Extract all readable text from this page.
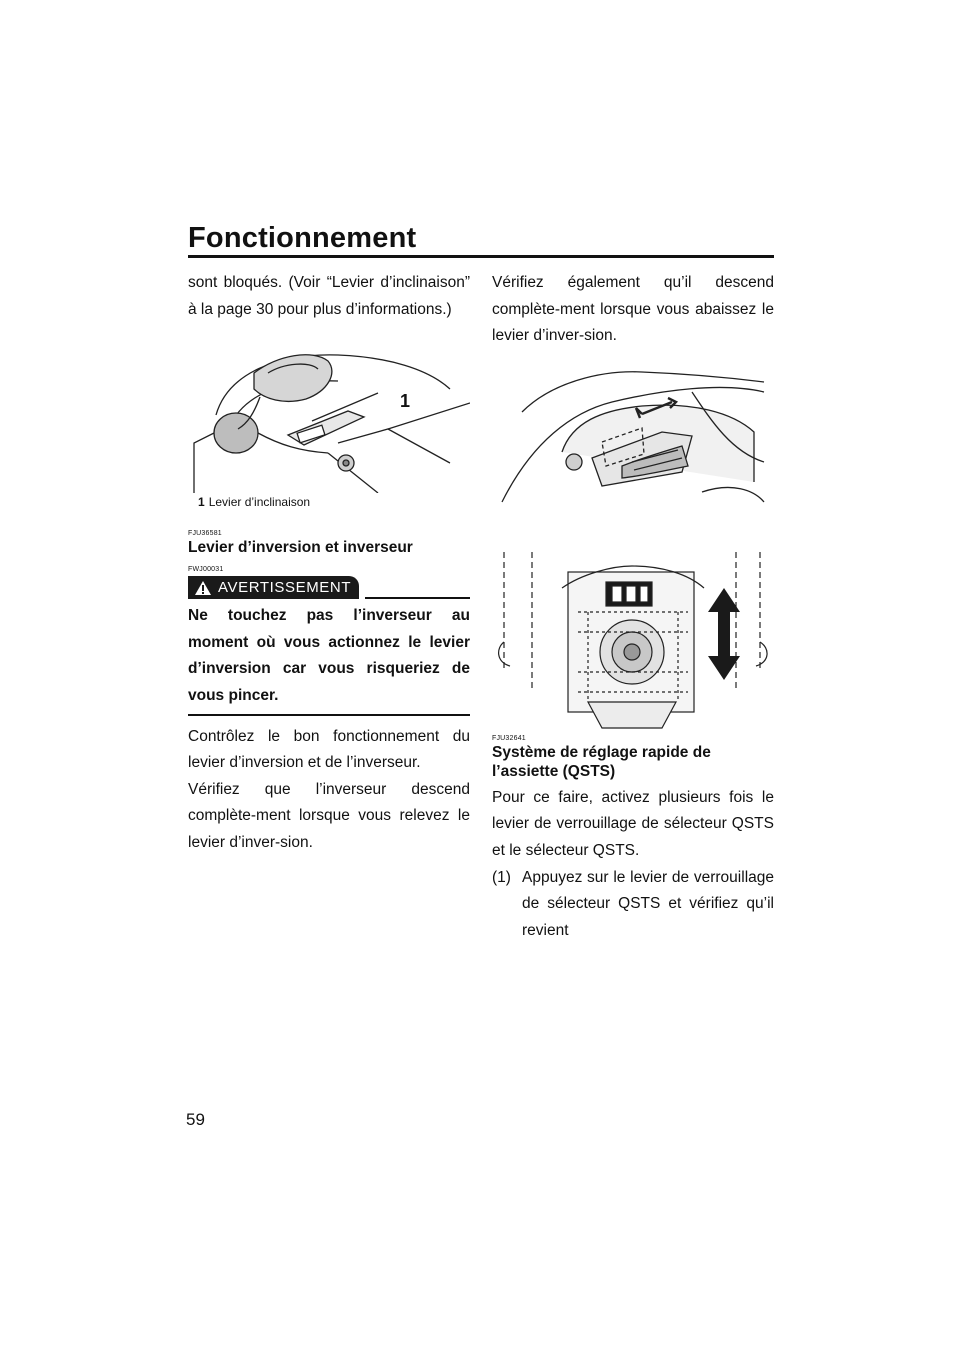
Fonctionnement

sont bloqués. (Voir “Levier d’inclinaison” à la page 30 pour plus d’informations.)

1

1 Levier d’inclinaison

FJU36581

Levier d’inversion et inverseur

FWJ00031

AVERTISSEMENT

Ne touchez pas l’inverseur au moment où vous actionnez le levier d’inversion car vous risqueriez de vous pincer.

Contrôlez le bon fonctionnement du levier d’inversion et de l’inverseur.

Vérifiez que l’inverseur descend complète-ment lorsque vous relevez le levier d’inver-sion.

Vérifiez également qu’il descend complète-ment lorsque vous abaissez le levier d’inver-sion.

FJU32641

Système de réglage rapide de l’assiette (QSTS)

Pour ce faire, activez plusieurs fois le levier de verrouillage de sélecteur QSTS et le sélecteur QSTS.

(1) Appuyez sur le levier de verrouillage de sélecteur QSTS et vérifiez qu’il revient
59
